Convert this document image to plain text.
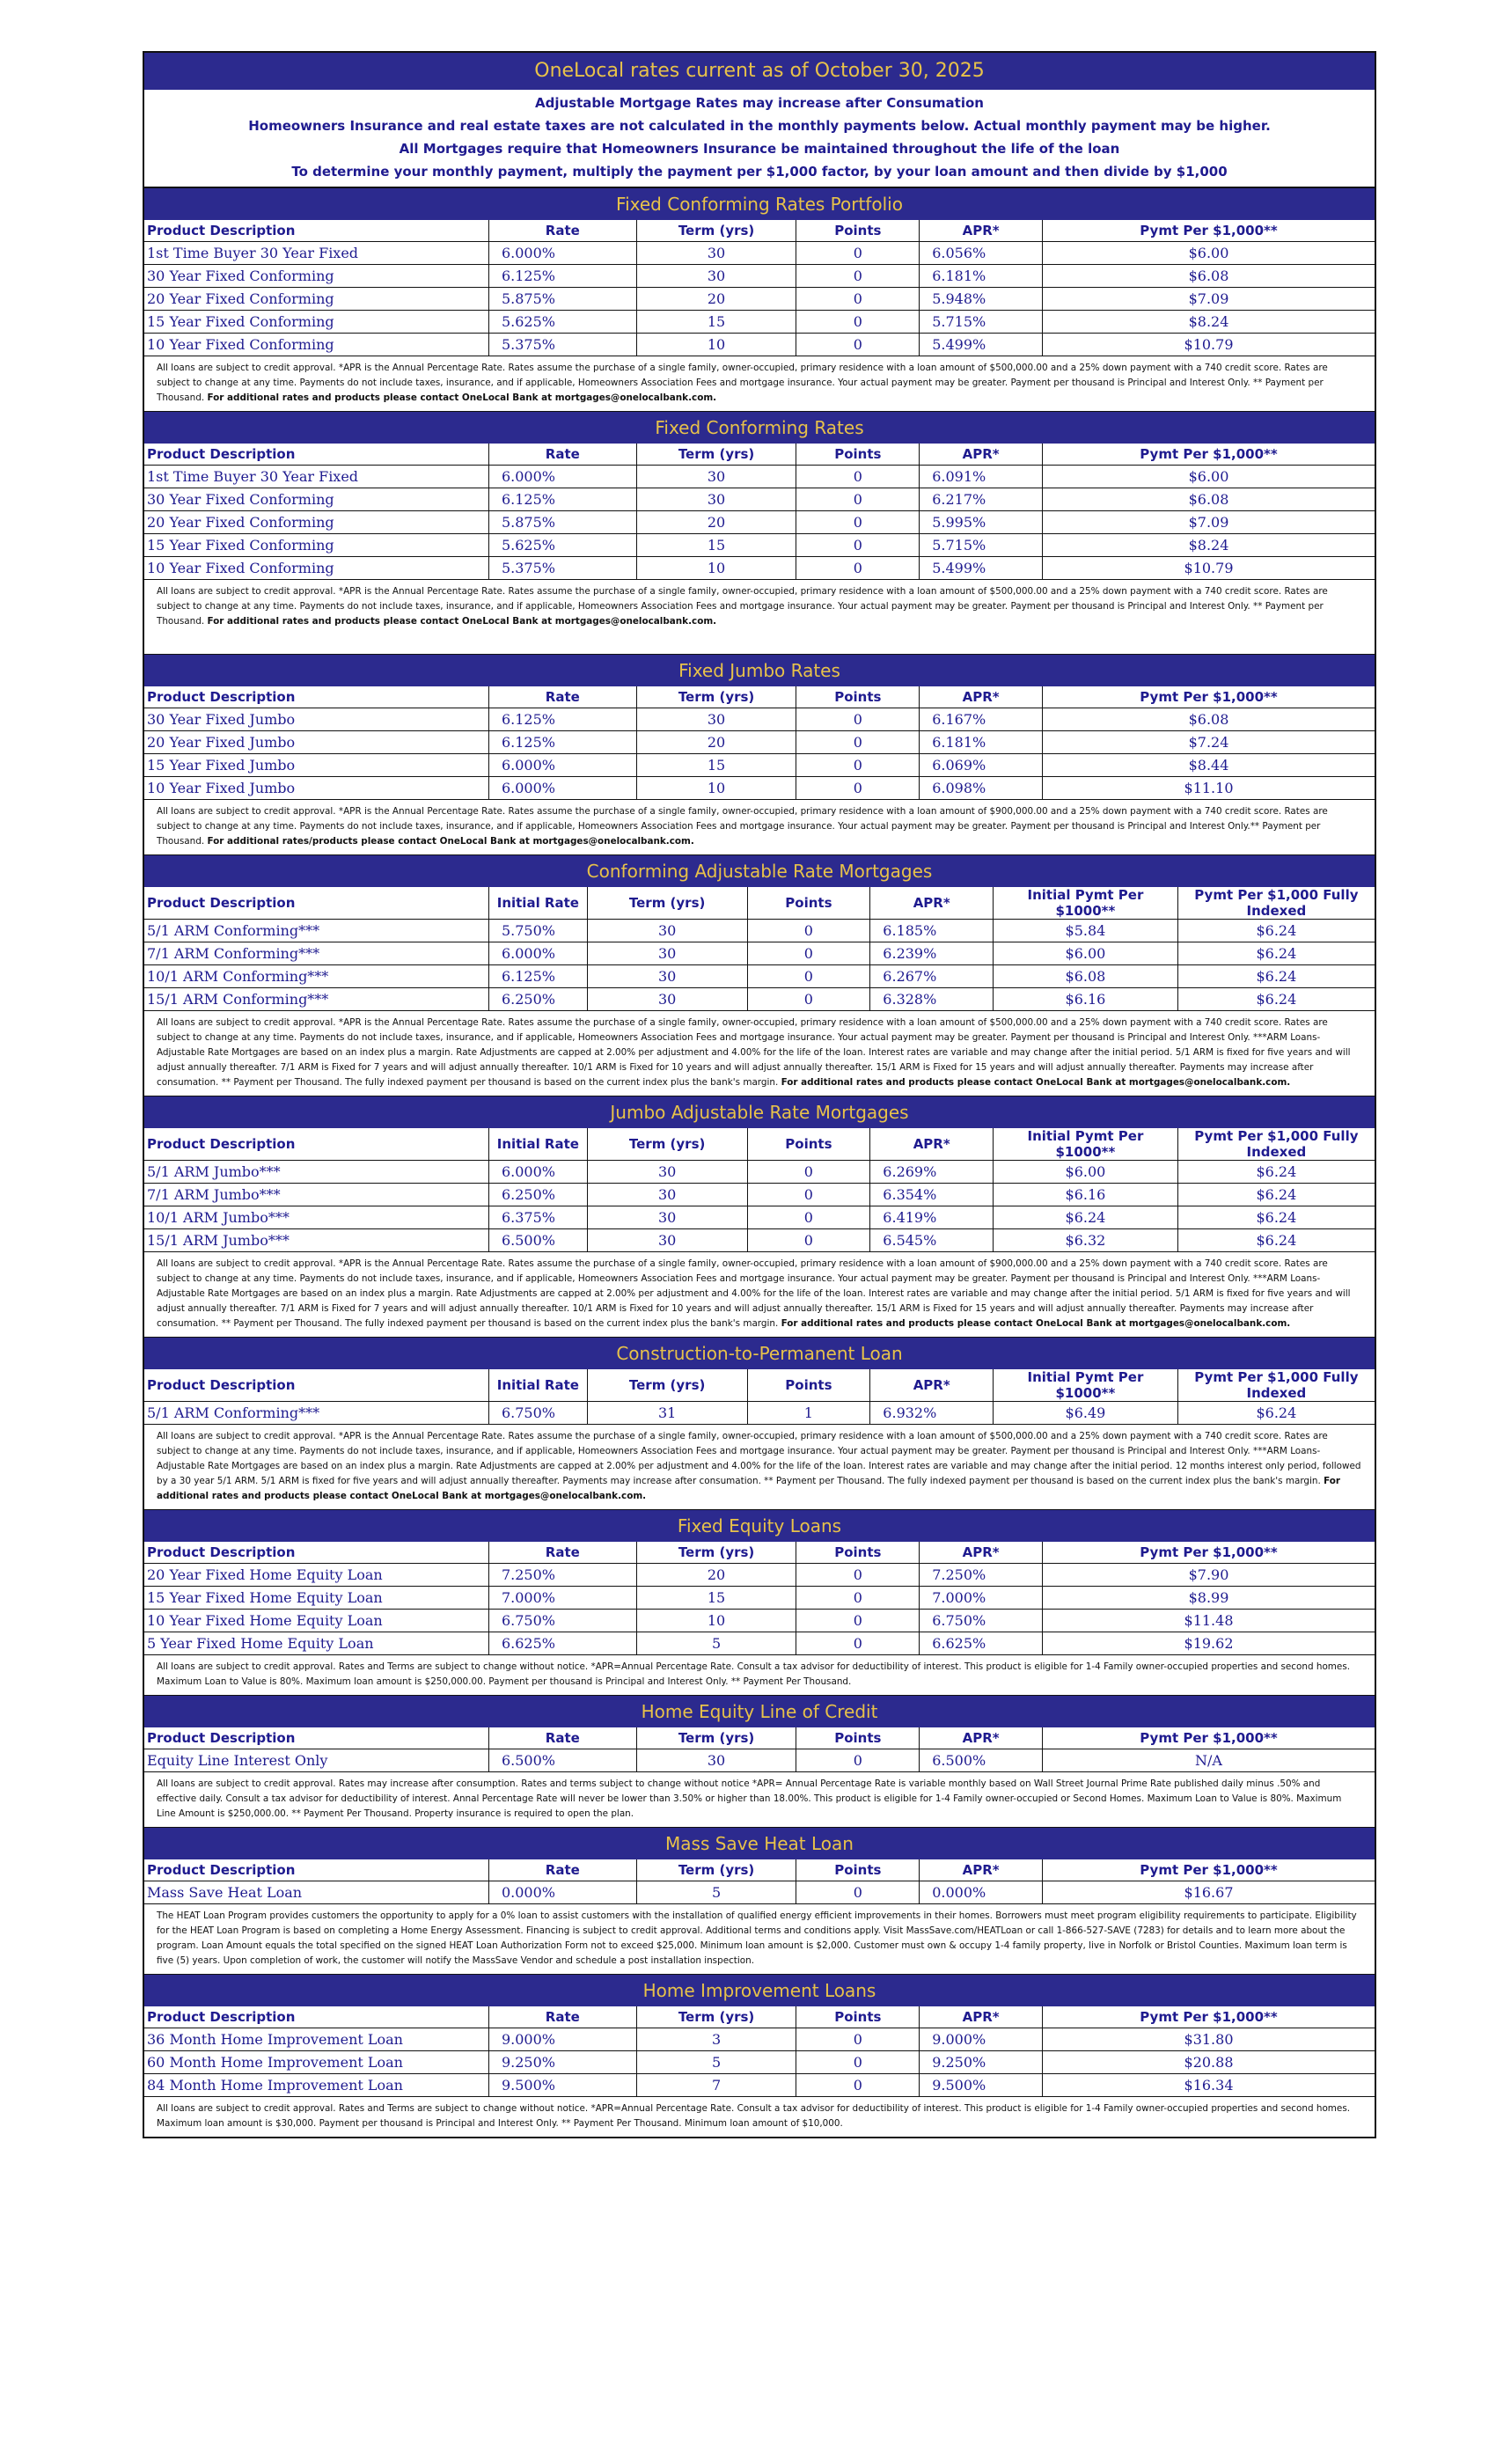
OneLocal rates current as of October 30, 2025
Adjustable Mortgage Rates may increase after Consumation
Homeowners Insurance and real estate taxes are not calculated in the monthly payments below. Actual monthly payment may be higher.
All Mortgages require that Homeowners Insurance be maintained throughout the life of the loan
To determine your monthly payment, multiply the payment per $1,000 factor, by your loan amount and then divide by $1,000
Fixed Conforming Rates Portfolio
Product Description	Rate	Term (yrs)	Points	APR*	Pymt Per $1,000**
1st Time Buyer 30 Year Fixed	6.000%	30	0	6.056%	$6.00
30 Year Fixed Conforming	6.125%	30	0	6.181%	$6.08
20 Year Fixed Conforming	5.875%	20	0	5.948%	$7.09
15 Year Fixed Conforming	5.625%	15	0	5.715%	$8.24
10 Year Fixed Conforming	5.375%	10	0	5.499%	$10.79
All loans are subject to credit approval. *APR is the Annual Percentage Rate. Rates assume the purchase of a single family, owner-occupied, primary residence with a loan amount of $500,000.00 and a 25% down payment with a 740 credit score. Rates are subject to change at any time. Payments do not include taxes, insurance, and if applicable, Homeowners Association Fees and mortgage insurance. Your actual payment may be greater. Payment per thousand is Principal and Interest Only. ** Payment per Thousand. For additional rates and products please contact OneLocal Bank at mortgages@onelocalbank.com.
Fixed Conforming Rates
Product Description	Rate	Term (yrs)	Points	APR*	Pymt Per $1,000**
1st Time Buyer 30 Year Fixed	6.000%	30	0	6.091%	$6.00
30 Year Fixed Conforming	6.125%	30	0	6.217%	$6.08
20 Year Fixed Conforming	5.875%	20	0	5.995%	$7.09
15 Year Fixed Conforming	5.625%	15	0	5.715%	$8.24
10 Year Fixed Conforming	5.375%	10	0	5.499%	$10.79
All loans are subject to credit approval. *APR is the Annual Percentage Rate. Rates assume the purchase of a single family, owner-occupied, primary residence with a loan amount of $500,000.00 and a 25% down payment with a 740 credit score. Rates are subject to change at any time. Payments do not include taxes, insurance, and if applicable, Homeowners Association Fees and mortgage insurance. Your actual payment may be greater. Payment per thousand is Principal and Interest Only. ** Payment per Thousand. For additional rates and products please contact OneLocal Bank at mortgages@onelocalbank.com.
Fixed Jumbo Rates
Product Description	Rate	Term (yrs)	Points	APR*	Pymt Per $1,000**
30 Year Fixed Jumbo	6.125%	30	0	6.167%	$6.08
20 Year Fixed Jumbo	6.125%	20	0	6.181%	$7.24
15 Year Fixed Jumbo	6.000%	15	0	6.069%	$8.44
10 Year Fixed Jumbo	6.000%	10	0	6.098%	$11.10
All loans are subject to credit approval. *APR is the Annual Percentage Rate. Rates assume the purchase of a single family, owner-occupied, primary residence with a loan amount of $900,000.00 and a 25% down payment with a 740 credit score. Rates are subject to change at any time. Payments do not include taxes, insurance, and if applicable, Homeowners Association Fees and mortgage insurance. Your actual payment may be greater. Payment per thousand is Principal and Interest Only.** Payment per Thousand. For additional rates/products please contact OneLocal Bank at mortgages@onelocalbank.com.
Conforming Adjustable Rate Mortgages
Product Description	Initial Rate	Term (yrs)	Points	APR*	Initial Pymt Per $1000**	Pymt Per $1,000 Fully Indexed
5/1 ARM Conforming***	5.750%	30	0	6.185%	$5.84	$6.24
7/1 ARM Conforming***	6.000%	30	0	6.239%	$6.00	$6.24
10/1 ARM Conforming***	6.125%	30	0	6.267%	$6.08	$6.24
15/1 ARM Conforming***	6.250%	30	0	6.328%	$6.16	$6.24
All loans are subject to credit approval. *APR is the Annual Percentage Rate. Rates assume the purchase of a single family, owner-occupied, primary residence with a loan amount of $500,000.00 and a 25% down payment with a 740 credit score. Rates are subject to change at any time. Payments do not include taxes, insurance, and if applicable, Homeowners Association Fees and mortgage insurance. Your actual payment may be greater. Payment per thousand is Principal and Interest Only. ***ARM Loans- Adjustable Rate Mortgages are based on an index plus a margin. Rate Adjustments are capped at 2.00% per adjustment and 4.00% for the life of the loan. Interest rates are variable and may change after the initial period. 5/1 ARM is fixed for five years and will adjust annually thereafter. 7/1 ARM is Fixed for 7 years and will adjust annually thereafter. 10/1 ARM is Fixed for 10 years and will adjust annually thereafter. 15/1 ARM is Fixed for 15 years and will adjust annually thereafter. Payments may increase after consumation. ** Payment per Thousand. The fully indexed payment per thousand is based on the current index plus the bank's margin. For additional rates and products please contact OneLocal Bank at mortgages@onelocalbank.com.
Jumbo Adjustable Rate Mortgages
Product Description	Initial Rate	Term (yrs)	Points	APR*	Initial Pymt Per $1000**	Pymt Per $1,000 Fully Indexed
5/1 ARM Jumbo***	6.000%	30	0	6.269%	$6.00	$6.24
7/1 ARM Jumbo***	6.250%	30	0	6.354%	$6.16	$6.24
10/1 ARM Jumbo***	6.375%	30	0	6.419%	$6.24	$6.24
15/1 ARM Jumbo***	6.500%	30	0	6.545%	$6.32	$6.24
All loans are subject to credit approval. *APR is the Annual Percentage Rate. Rates assume the purchase of a single family, owner-occupied, primary residence with a loan amount of $900,000.00 and a 25% down payment with a 740 credit score. Rates are subject to change at any time. Payments do not include taxes, insurance, and if applicable, Homeowners Association Fees and mortgage insurance. Your actual payment may be greater. Payment per thousand is Principal and Interest Only. ***ARM Loans- Adjustable Rate Mortgages are based on an index plus a margin. Rate Adjustments are capped at 2.00% per adjustment and 4.00% for the life of the loan. Interest rates are variable and may change after the initial period. 5/1 ARM is fixed for five years and will adjust annually thereafter. 7/1 ARM is Fixed for 7 years and will adjust annually thereafter. 10/1 ARM is Fixed for 10 years and will adjust annually thereafter. 15/1 ARM is Fixed for 15 years and will adjust annually thereafter. Payments may increase after consumation. ** Payment per Thousand. The fully indexed payment per thousand is based on the current index plus the bank's margin. For additional rates and products please contact OneLocal Bank at mortgages@onelocalbank.com.
Construction-to-Permanent Loan
Product Description	Initial Rate	Term (yrs)	Points	APR*	Initial Pymt Per $1000**	Pymt Per $1,000 Fully Indexed
5/1 ARM Conforming***	6.750%	31	1	6.932%	$6.49	$6.24
All loans are subject to credit approval. *APR is the Annual Percentage Rate. Rates assume the purchase of a single family, owner-occupied, primary residence with a loan amount of $500,000.00 and a 25% down payment with a 740 credit score. Rates are subject to change at any time. Payments do not include taxes, insurance, and if applicable, Homeowners Association Fees and mortgage insurance. Your actual payment may be greater. Payment per thousand is Principal and Interest Only. ***ARM Loans- Adjustable Rate Mortgages are based on an index plus a margin. Rate Adjustments are capped at 2.00% per adjustment and 4.00% for the life of the loan. Interest rates are variable and may change after the initial period. 12 months interest only period, followed by a 30 year 5/1 ARM. 5/1 ARM is fixed for five years and will adjust annually thereafter. Payments may increase after consumation. ** Payment per Thousand. The fully indexed payment per thousand is based on the current index plus the bank's margin. For additional rates and products please contact OneLocal Bank at mortgages@onelocalbank.com.
Fixed Equity Loans
Product Description	Rate	Term (yrs)	Points	APR*	Pymt Per $1,000**
20 Year Fixed Home Equity Loan	7.250%	20	0	7.250%	$7.90
15 Year Fixed Home Equity Loan	7.000%	15	0	7.000%	$8.99
10 Year Fixed Home Equity Loan	6.750%	10	0	6.750%	$11.48
5 Year Fixed Home Equity Loan	6.625%	5	0	6.625%	$19.62
All loans are subject to credit approval. Rates and Terms are subject to change without notice. *APR=Annual Percentage Rate. Consult a tax advisor for deductibility of interest. This product is eligible for 1-4 Family owner-occupied properties and second homes. Maximum Loan to Value is 80%. Maximum loan amount is $250,000.00. Payment per thousand is Principal and Interest Only. ** Payment Per Thousand.
Home Equity Line of Credit
Product Description	Rate	Term (yrs)	Points	APR*	Pymt Per $1,000**
Equity Line Interest Only	6.500%	30	0	6.500%	N/A
All loans are subject to credit approval. Rates may increase after consumption. Rates and terms subject to change without notice *APR= Annual Percentage Rate is variable monthly based on Wall Street Journal Prime Rate published daily minus .50% and effective daily. Consult a tax advisor for deductibility of interest. Annal Percentage Rate will never be lower than 3.50% or higher than 18.00%. This product is eligible for 1-4 Family owner-occupied or Second Homes. Maximum Loan to Value is 80%. Maximum Line Amount is $250,000.00. ** Payment Per Thousand. Property insurance is required to open the plan.
Mass Save Heat Loan
Product Description	Rate	Term (yrs)	Points	APR*	Pymt Per $1,000**
Mass Save Heat Loan	0.000%	5	0	0.000%	$16.67
The HEAT Loan Program provides customers the opportunity to apply for a 0% loan to assist customers with the installation of qualified energy efficient improvements in their homes. Borrowers must meet program eligibility requirements to participate. Eligibility for the HEAT Loan Program is based on completing a Home Energy Assessment. Financing is subject to credit approval. Additional terms and conditions apply. Visit MassSave.com/HEATLoan or call 1-866-527-SAVE (7283) for details and to learn more about the program. Loan Amount equals the total specified on the signed HEAT Loan Authorization Form not to exceed $25,000. Minimum loan amount is $2,000. Customer must own & occupy 1-4 family property, live in Norfolk or Bristol Counties. Maximum loan term is five (5) years. Upon completion of work, the customer will notify the MassSave Vendor and schedule a post installation inspection.
Home Improvement Loans
Product Description	Rate	Term (yrs)	Points	APR*	Pymt Per $1,000**
36 Month Home Improvement Loan	9.000%	3	0	9.000%	$31.80
60 Month Home Improvement Loan	9.250%	5	0	9.250%	$20.88
84 Month Home Improvement Loan	9.500%	7	0	9.500%	$16.34
All loans are subject to credit approval. Rates and Terms are subject to change without notice. *APR=Annual Percentage Rate. Consult a tax advisor for deductibility of interest. This product is eligible for 1-4 Family owner-occupied properties and second homes. Maximum loan amount is $30,000. Payment per thousand is Principal and Interest Only. ** Payment Per Thousand. Minimum loan amount of $10,000.
